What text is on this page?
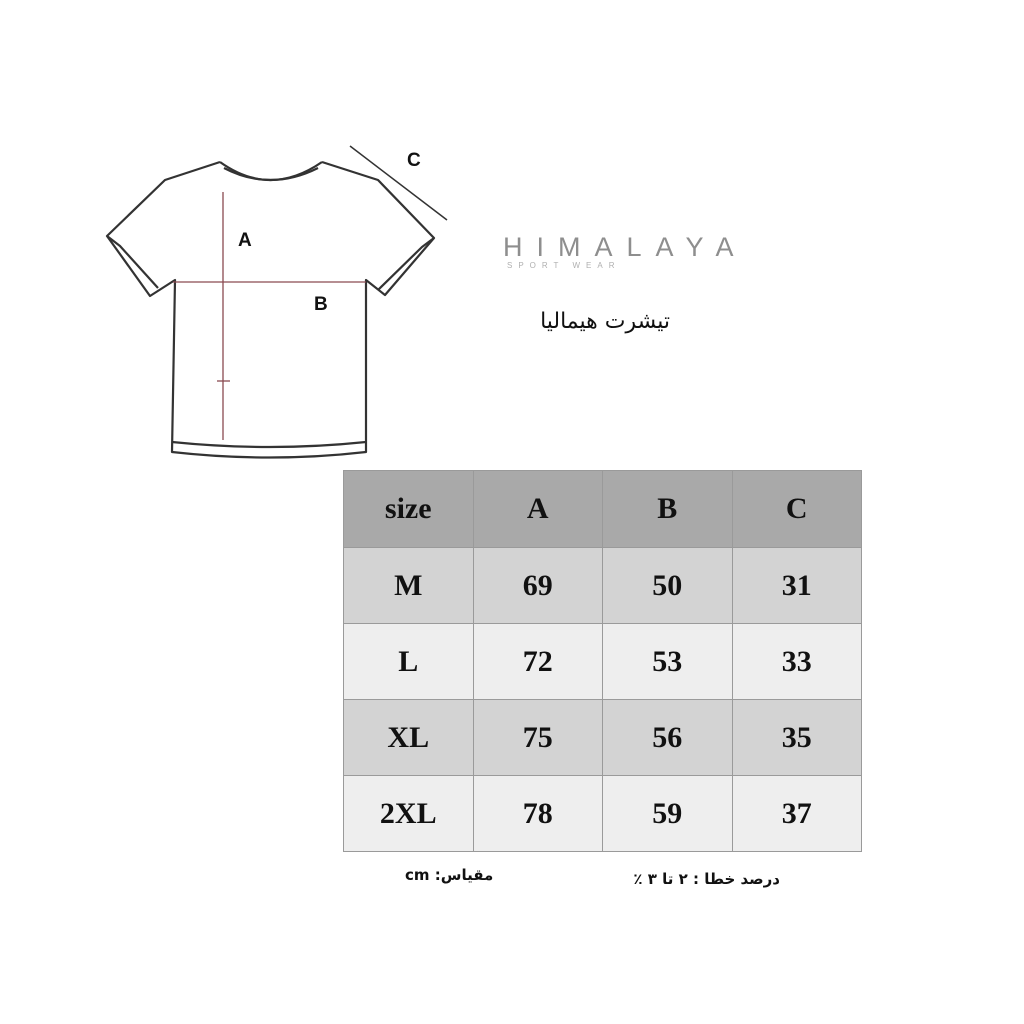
A
B
C
HIMALAYA
SPORT WEAR
تیشرت هیمالیا
size	A	B	C
M	69	50	31
L	72	53	33
XL	75	56	35
2XL	78	59	37
مقیاس: cm	درصد خطا : ۲ تا ۳ ٪
